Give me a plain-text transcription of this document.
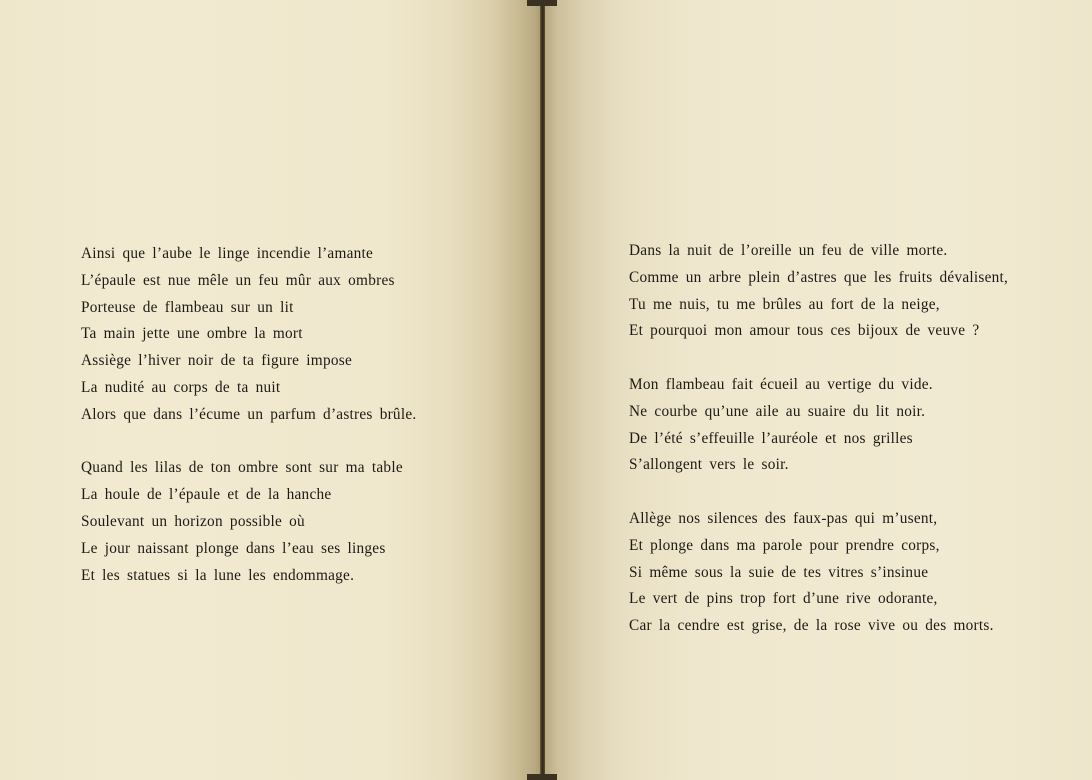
Ainsi que l’aube le linge incendie l’amante
L’épaule est nue mêle un feu mûr aux ombres
Porteuse de flambeau sur un lit
Ta main jette une ombre la mort
Assiège l’hiver noir de ta figure impose
La nudité au corps de ta nuit
Alors que dans l’écume un parfum d’astres brûle.
Quand les lilas de ton ombre sont sur ma table
La houle de l’épaule et de la hanche
Soulevant un horizon possible où
Le jour naissant plonge dans l’eau ses linges
Et les statues si la lune les endommage.
Dans la nuit de l’oreille un feu de ville morte.
Comme un arbre plein d’astres que les fruits dévalisent,
Tu me nuis, tu me brûles au fort de la neige,
Et pourquoi mon amour tous ces bijoux de veuve ?
Mon flambeau fait écueil au vertige du vide.
Ne courbe qu’une aile au suaire du lit noir.
De l’été s’effeuille l’auréole et nos grilles
S’allongent vers le soir.
Allège nos silences des faux-pas qui m’usent,
Et plonge dans ma parole pour prendre corps,
Si même sous la suie de tes vitres s’insinue
Le vert de pins trop fort d’une rive odorante,
Car la cendre est grise, de la rose vive ou des morts.
